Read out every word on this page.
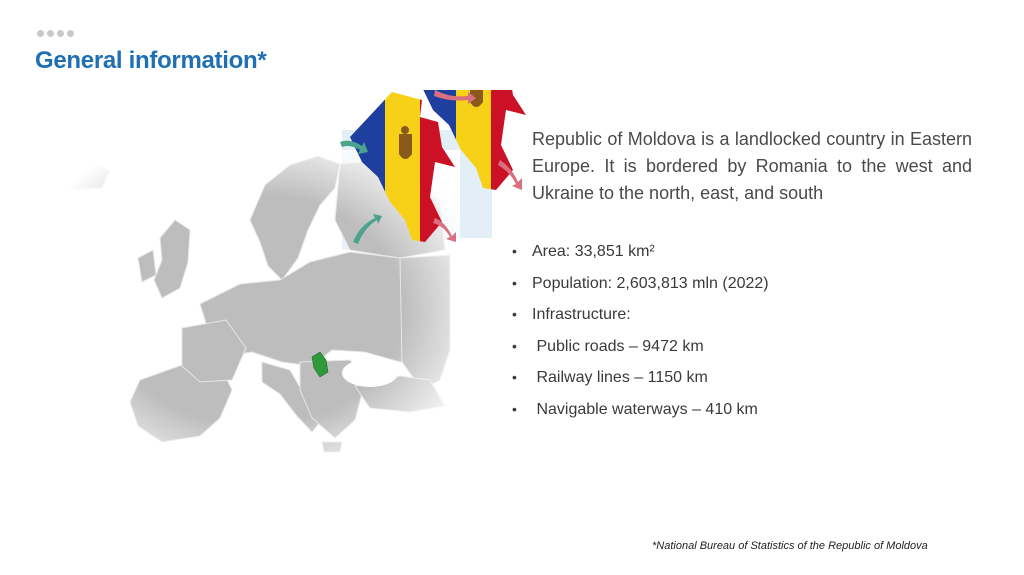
General information*

Republic of Moldova is a landlocked country in Eastern Europe. It is bordered by Romania to the west and Ukraine to the north, east, and south

• Area: 33,851 km²
• Population: 2,603,813 mln (2022)
• Infrastructure:
• Public roads – 9472 km
• Railway lines – 1150 km
• Navigable waterways – 410 km

*National Bureau of Statistics of the Republic of Moldova
